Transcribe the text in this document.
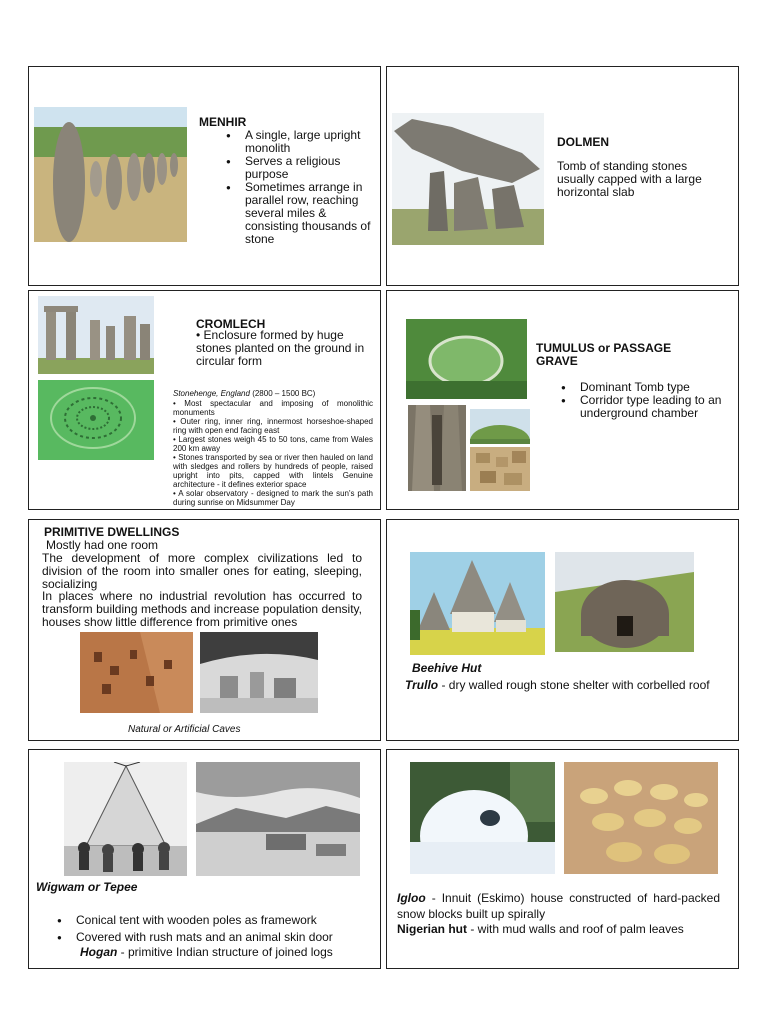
MENHIR
● A single, large upright monolith
● Serves a religious purpose
● Sometimes arrange in parallel row, reaching several miles & consisting thousands of stone
DOLMEN
Tomb of standing stones usually capped with a large horizontal slab
CROMLECH
• Enclosure formed by huge stones planted on the ground in circular form
Stonehenge, England (2800 – 1500 BC)
• Most spectacular and imposing of monolithic monuments
• Outer ring, inner ring, innermost horseshoe-shaped ring with open end facing east
• Largest stones weigh 45 to 50 tons, came from Wales 200 km away
• Stones transported by sea or river then hauled on land with sledges and rollers by hundreds of people, raised upright into pits, capped with lintels Genuine architecture - it defines exterior space
• A solar observatory - designed to mark the sun's path during sunrise on Midsummer Day
TUMULUS or PASSAGE GRAVE
● Dominant Tomb type
● Corridor type leading to an underground chamber
PRIMITIVE DWELLINGS
Mostly had one room
The development of more complex civilizations led to division of the room into smaller ones for eating, sleeping, socializing
In places where no industrial revolution has occurred to transform building methods and increase population density, houses show little difference from primitive ones
Natural or Artificial Caves
Beehive Hut
Trullo - dry walled rough stone shelter with corbelled roof
Wigwam or Tepee
● Conical tent with wooden poles as framework
● Covered with rush mats and an animal skin door
Hogan - primitive Indian structure of joined logs
Igloo - Innuit (Eskimo) house constructed of hard-packed snow blocks built up spirally
Nigerian hut - with mud walls and roof of palm leaves
